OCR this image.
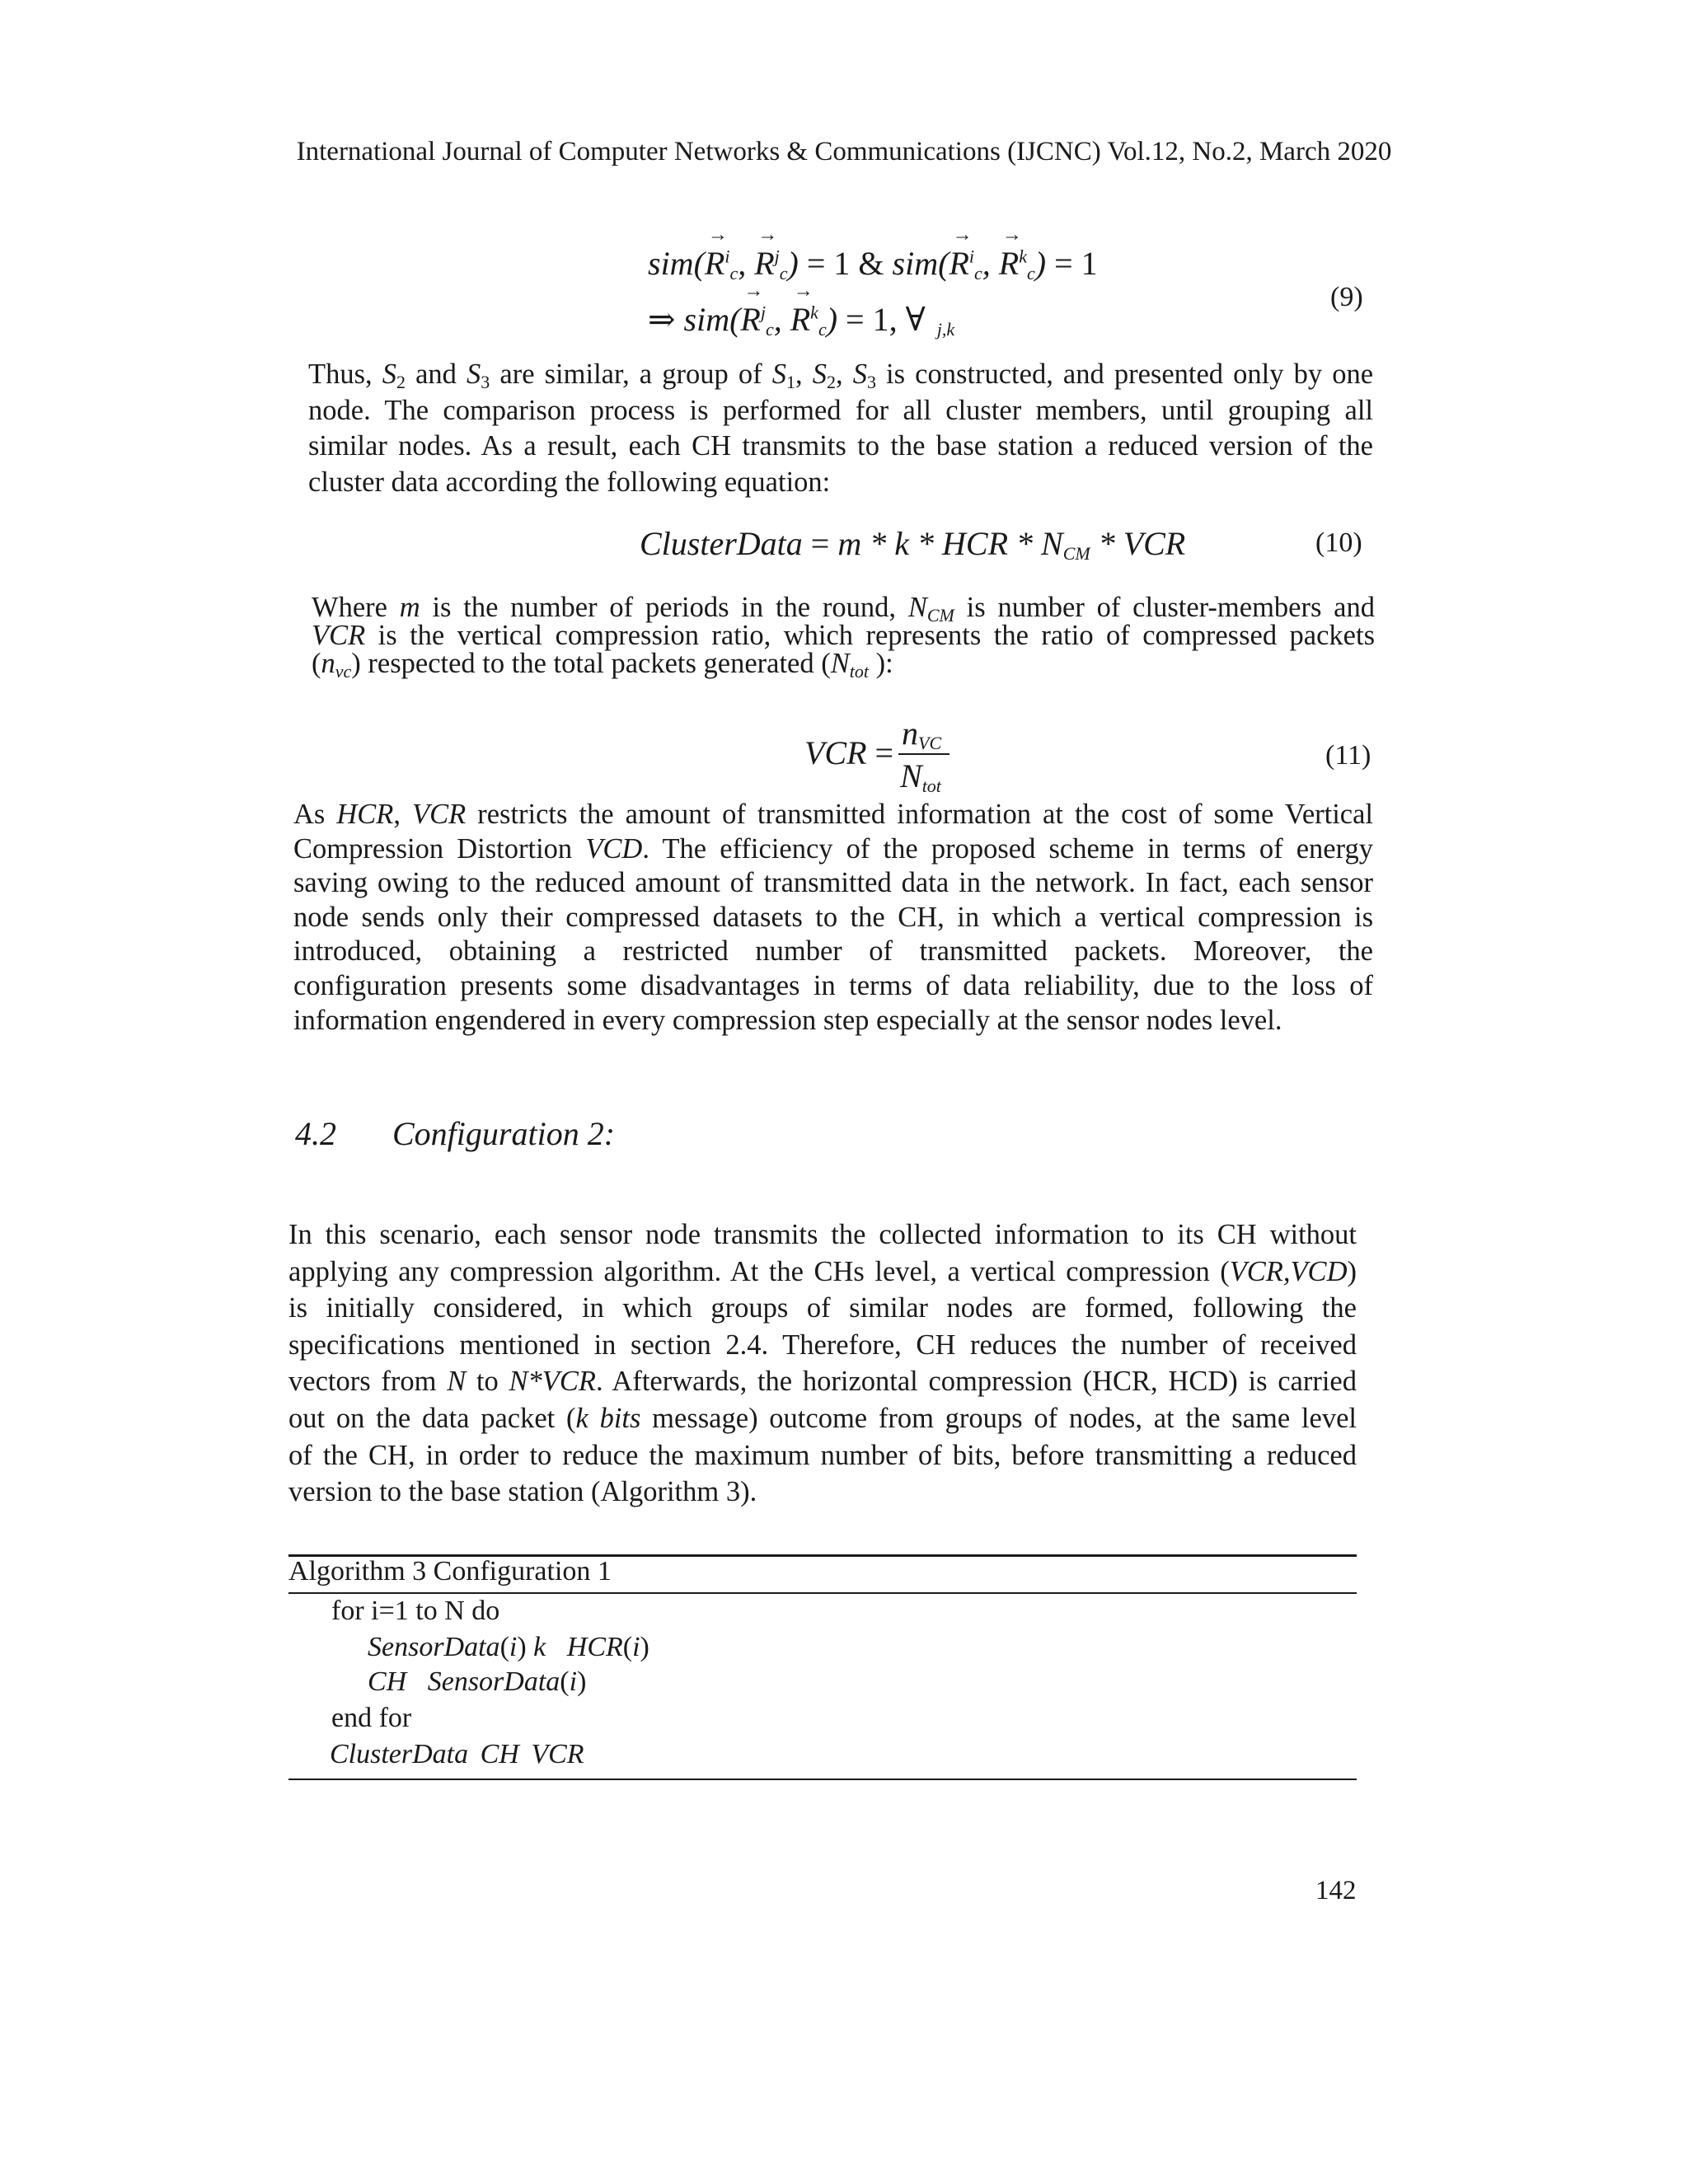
International Journal of Computer Networks & Communications (IJCNC) Vol.12, No.2, March 2020
$sim(\to R^i_c$, → $R^j_c) = 1$ & $sim(\to R^i_c$, → $R^k_c) = 1$
⇒ $sim(\to R^j_c$, → $R^k_c) = 1$, ∀ $_{j,k}$
(9)
Thus, $S_2$ and $S_3$ are similar, a group of $S_1$, $S_2$, $S_3$ is constructed, and presented only by one
node. The comparison process is performed for all cluster members, until grouping all
similar nodes. As a result, each CH transmits to the base station a reduced version of the
cluster data according the following equation:
ClusterData = m * k * HCR * $N_{CM}$ * VCR	(10)
Where m is the number of periods in the round, $N_{CM}$ is number of cluster-members and
VCR is the vertical compression ratio, which represents the ratio of compressed packets
$(n_{vc})$ respected to the total packets generated ($N_{tot}$ ):
VCR =
$n_{VC}$
$N_{tot}$
(11)
As HCR, VCR restricts the amount of transmitted information at the cost of some Vertical
Compression Distortion VCD. The efficiency of the proposed scheme in terms of energy
saving owing to the reduced amount of transmitted data in the network. In fact, each sensor
node sends only their compressed datasets to the CH, in which a vertical compression is
introduced, obtaining a restricted number of transmitted packets. Moreover, the
configuration presents some disadvantages in terms of data reliability, due to the loss of
information engendered in every compression step especially at the sensor nodes level.
4.2 Configuration 2:
In this scenario, each sensor node transmits the collected information to its CH without
applying any compression algorithm. At the CHs level, a vertical compression (VCR,VCD)
is initially considered, in which groups of similar nodes are formed, following the
specifications mentioned in section 2.4. Therefore, CH reduces the number of received
vectors from N to N*VCR. Afterwards, the horizontal compression (HCR, HCD) is carried
out on the data packet (k bits message) outcome from groups of nodes, at the same level
of the CH, in order to reduce the maximum number of bits, before transmitting a reduced
version to the base station (Algorithm 3).
Algorithm 3 Configuration 1
for i=1 to N do
SensorData(i) k HCR(i)
CH SensorData(i)
end for
ClusterData CH VCR
142
